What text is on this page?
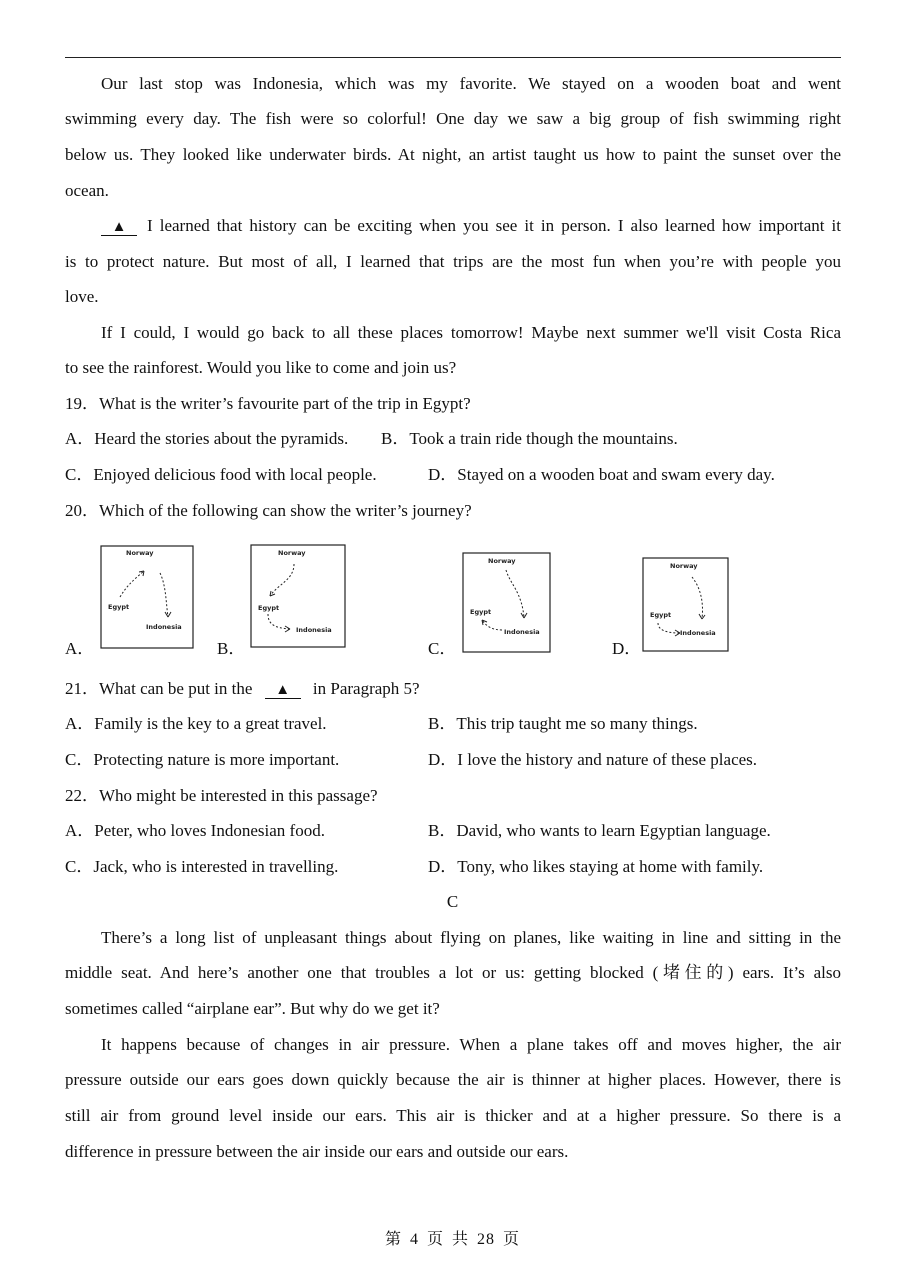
Our last stop was Indonesia, which was my favorite. We stayed on a wooden boat and went
swimming every day. The fish were so colorful! One day we saw a big group of fish swimming right
below us. They looked like underwater birds. At night, an artist taught us how to paint the sunset over the
ocean.
▲	I learned that history can be exciting when you see it in person. I also learned how important it
is to protect nature. But most of all, I learned that trips are the most fun when you’re with people you
love.
If I could, I would go back to all these places tomorrow! Maybe next summer we'll visit Costa Rica
to see the rainforest. Would you like to come and join us?
19．What is the writer’s favourite part of the trip in Egypt?
A．Heard the stories about the pyramids. B．Took a train ride though the mountains.
C．Enjoyed delicious food with local people.	D．Stayed on a wooden boat and swam every day.
20．Which of the following can show the writer’s journey?
A．
Norway
Egypt
Indonesia
B．
Norway
Egypt
Indonesia
C．
Norway
Egypt
Indonesia
D．
Norway
Egypt
Indonesia
21．What can be put in the ▲ in Paragraph 5?
A．Family is the key to a great travel.	B．This trip taught me so many things.
C．Protecting nature is more important.	D．I love the history and nature of these places.
22．Who might be interested in this passage?
A．Peter, who loves Indonesian food.	B．David, who wants to learn Egyptian language.
C．Jack, who is interested in travelling.	D．Tony, who likes staying at home with family.
C
There’s a long list of unpleasant things about flying on planes, like waiting in line and sitting in the
middle seat. And here’s another one that troubles a lot or us: getting blocked (堵住的) ears. It’s also
sometimes called “airplane ear”. But why do we get it?
It happens because of changes in air pressure. When a plane takes off and moves higher, the air
pressure outside our ears goes down quickly because the air is thinner at higher places. However, there is
still air from ground level inside our ears. This air is thicker and at a higher pressure. So there is a
difference in pressure between the air inside our ears and outside our ears.
第 4 页 共 28 页
